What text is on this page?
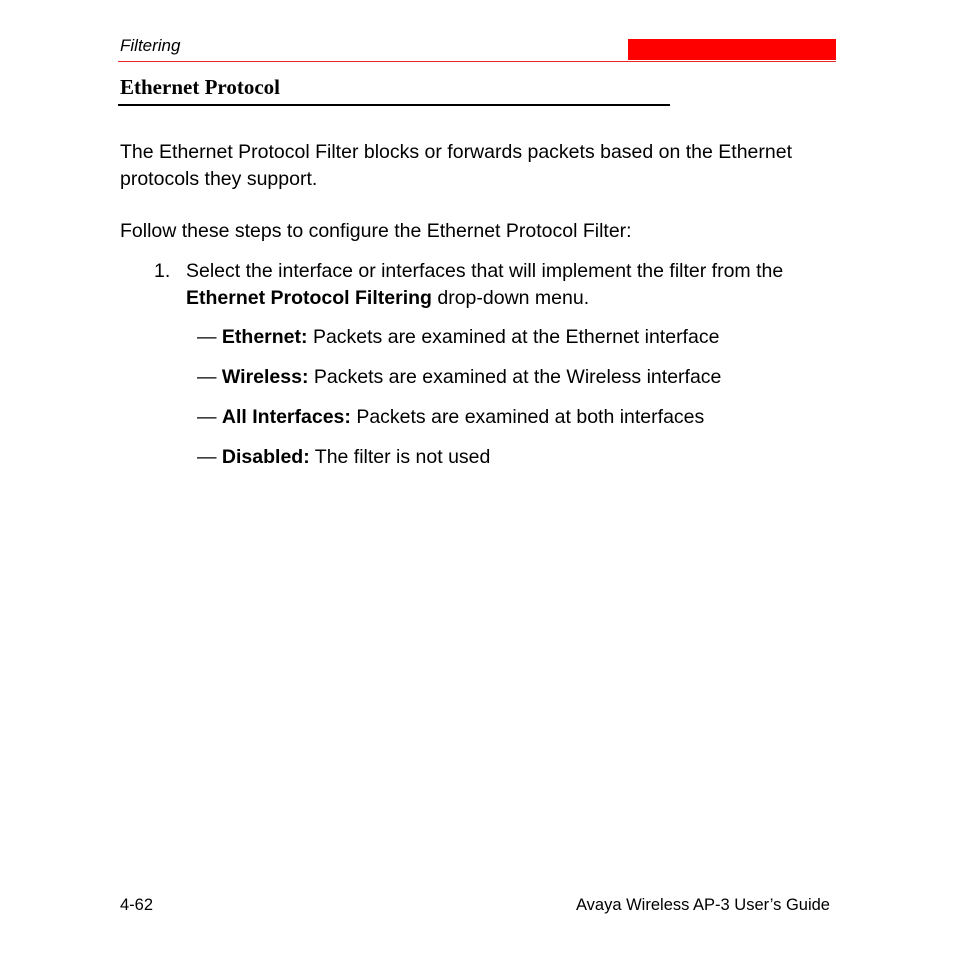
Filtering
Ethernet Protocol
The Ethernet Protocol Filter blocks or forwards packets based on the Ethernet protocols they support.
Follow these steps to configure the Ethernet Protocol Filter:
1. Select the interface or interfaces that will implement the filter from the Ethernet Protocol Filtering drop-down menu.
— Ethernet: Packets are examined at the Ethernet interface
— Wireless: Packets are examined at the Wireless interface
— All Interfaces: Packets are examined at both interfaces
— Disabled: The filter is not used
4-62	Avaya Wireless AP-3 User’s Guide
